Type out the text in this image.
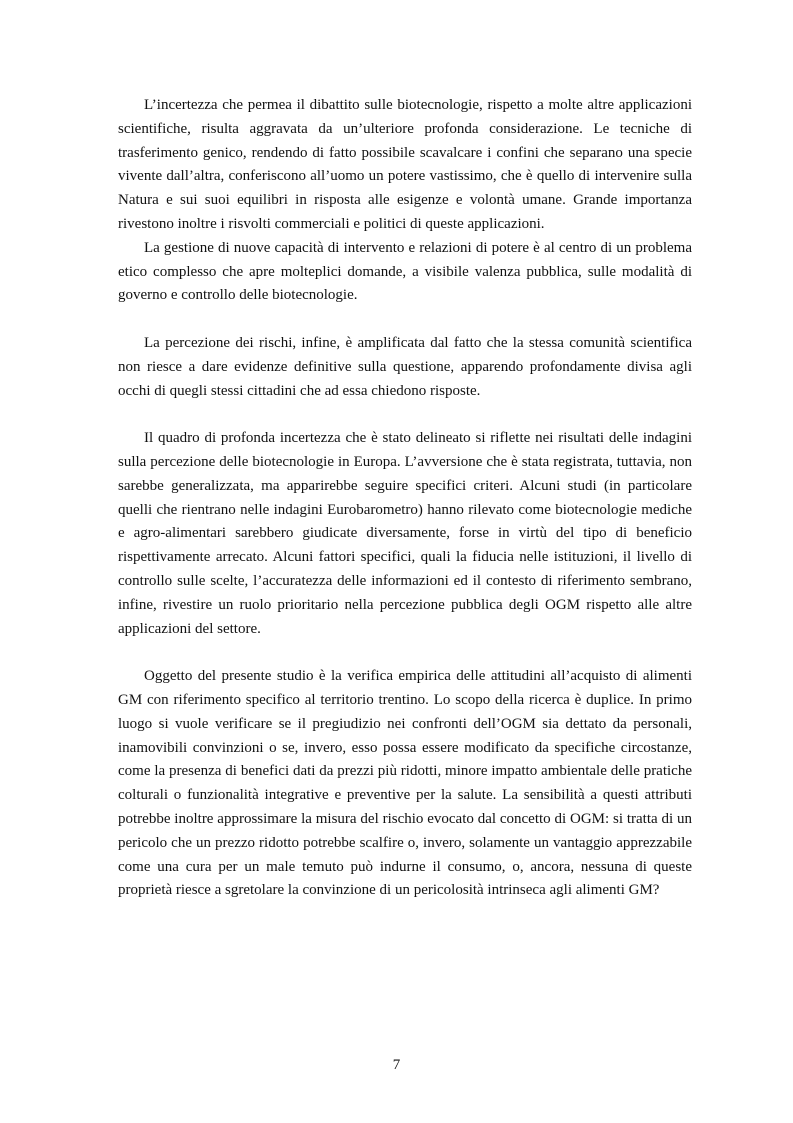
L’incertezza che permea il dibattito sulle biotecnologie, rispetto a molte altre applicazioni scientifiche, risulta aggravata da un’ulteriore profonda considerazione. Le tecniche di trasferimento genico, rendendo di fatto possibile scavalcare i confini che separano una specie vivente dall’altra, conferiscono all’uomo un potere vastissimo, che è quello di intervenire sulla Natura e sui suoi equilibri in risposta alle esigenze e volontà umane. Grande importanza rivestono inoltre i risvolti commerciali e politici di queste applicazioni.

La gestione di nuove capacità di intervento e relazioni di potere è al centro di un problema etico complesso che apre molteplici domande, a visibile valenza pubblica, sulle modalità di governo e controllo delle biotecnologie.

La percezione dei rischi, infine, è amplificata dal fatto che la stessa comunità scientifica non riesce a dare evidenze definitive sulla questione, apparendo profondamente divisa agli occhi di quegli stessi cittadini che ad essa chiedono risposte.

Il quadro di profonda incertezza che è stato delineato si riflette nei risultati delle indagini sulla percezione delle biotecnologie in Europa. L’avversione che è stata registrata, tuttavia, non sarebbe generalizzata, ma apparirebbe seguire specifici criteri. Alcuni studi (in particolare quelli che rientrano nelle indagini Eurobarometro) hanno rilevato come biotecnologie mediche e agro-alimentari sarebbero giudicate diversamente, forse in virtù del tipo di beneficio rispettivamente arrecato. Alcuni fattori specifici, quali la fiducia nelle istituzioni, il livello di controllo sulle scelte, l’accuratezza delle informazioni ed il contesto di riferimento sembrano, infine, rivestire un ruolo prioritario nella percezione pubblica degli OGM rispetto alle altre applicazioni del settore.

Oggetto del presente studio è la verifica empirica delle attitudini all’acquisto di alimenti GM con riferimento specifico al territorio trentino. Lo scopo della ricerca è duplice. In primo luogo si vuole verificare se il pregiudizio nei confronti dell’OGM sia dettato da personali, inamovibili convinzioni o se, invero, esso possa essere modificato da specifiche circostanze, come la presenza di benefici dati da prezzi più ridotti, minore impatto ambientale delle pratiche colturali o funzionalità integrative e preventive per la salute. La sensibilità a questi attributi potrebbe inoltre approssimare la misura del rischio evocato dal concetto di OGM: si tratta di un pericolo che un prezzo ridotto potrebbe scalfire o, invero, solamente un vantaggio apprezzabile come una cura per un male temuto può indurne il consumo, o, ancora, nessuna di queste proprietà riesce a sgretolare la convinzione di un pericolosità intrinseca agli alimenti GM?

7
